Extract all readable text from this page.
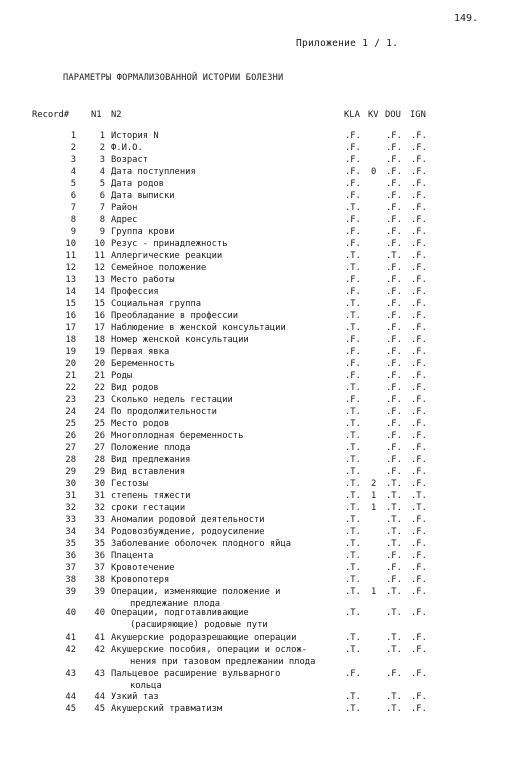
149.
Приложение 1 / 1.
ПАРАМЕТРЫ ФОРМАЛИЗОВАННОЙ ИСТОРИИ БОЛЕЗНИ
Record# N1 N2	KLA KV DOU IGN
1	1 История N	.F.	.F. .F.
2	2 Ф.И.О.	.F.	.F. .F.
3	3 Возраст	.F.	.F. .F.
4	4 Дата поступления	.F. 0 .F. .F.
5	5 Дата родов	.F.	.F. .F.
6	6 Дата выписки	.F.	.F. .F.
7	7 Район	.T.	.F. .F.
8	8 Адрес	.F.	.F. .F.
9	9 Группа крови	.F.	.F. .F.
10	10 Резус - принадлежность	.F.	.F. .F.
11	11 Аллергические реакции	.T.	.T. .F.
12	12 Семейное положение	.T.	.F. .F.
13	13 Место работы	.F.	.F. .F.
14	14 Профессия	.F.	.F. .F.
15	15 Социальная группа	.T.	.F. .F.
16	16 Преобладание в профессии	.T.	.F. .F.
17	17 Наблюдение в женской консультации	.T.	.F. .F.
18	18 Номер женской консультации	.F.	.F. .F.
19	19 Первая явка	.F.	.F. .F.
20	20 Беременность	.F.	.F. .F.
21	21 Роды	.F.	.F. .F.
22	22 Вид родов	.T.	.F. .F.
23	23 Сколько недель гестации	.F.	.F. .F.
24	24 По продолжительности	.T.	.F. .F.
25	25 Место родов	.T.	.F. .F.
26	26 Многоплодная беременность	.T.	.F. .F.
27	27 Положение плода	.T.	.F. .F.
28	28 Вид предлежания	.T.	.F. .F.
29	29 Вид вставления	.T.	.F. .F.
30	30 Гестозы	.T. 2 .T. .F.
31	31 степень тяжести	.T. 1 .T. .T.
32	32 сроки гестации	.T. 1 .T. .T.
33	33 Аномалии родовой деятельности	.T.	.T. .F.
34	34 Родовозбуждение, родоусиление	.T.	.T. .F.
35	35 Заболевание оболочек плодного яйца	.T.	.T. .F.
36	36 Плацента	.T.	.F. .F.
37	37 Кровотечение	.T.	.F. .F.
38	38 Кровопотеря	.T.	.F. .F.
39	39 Операции, изменяющие положение и	.T. 1 .T. .F.
предлежание плода
40	40 Операции, подготавливающие	.T.	.T. .F.
(расширяющие) родовые пути
41	41 Акушерские родоразрешающие операции	.T.	.T. .F.
42	42 Акушерские пособия, операции и ослож-	.T.	.T. .F.
нения при тазовом предлежании плода
43	43 Пальцевое расширение вульварного	.F.	.F. .F.
кольца
44	44 Узкий таз	.T.	.T. .F.
45	45 Акушерский травматизм	.T.	.T. .F.
